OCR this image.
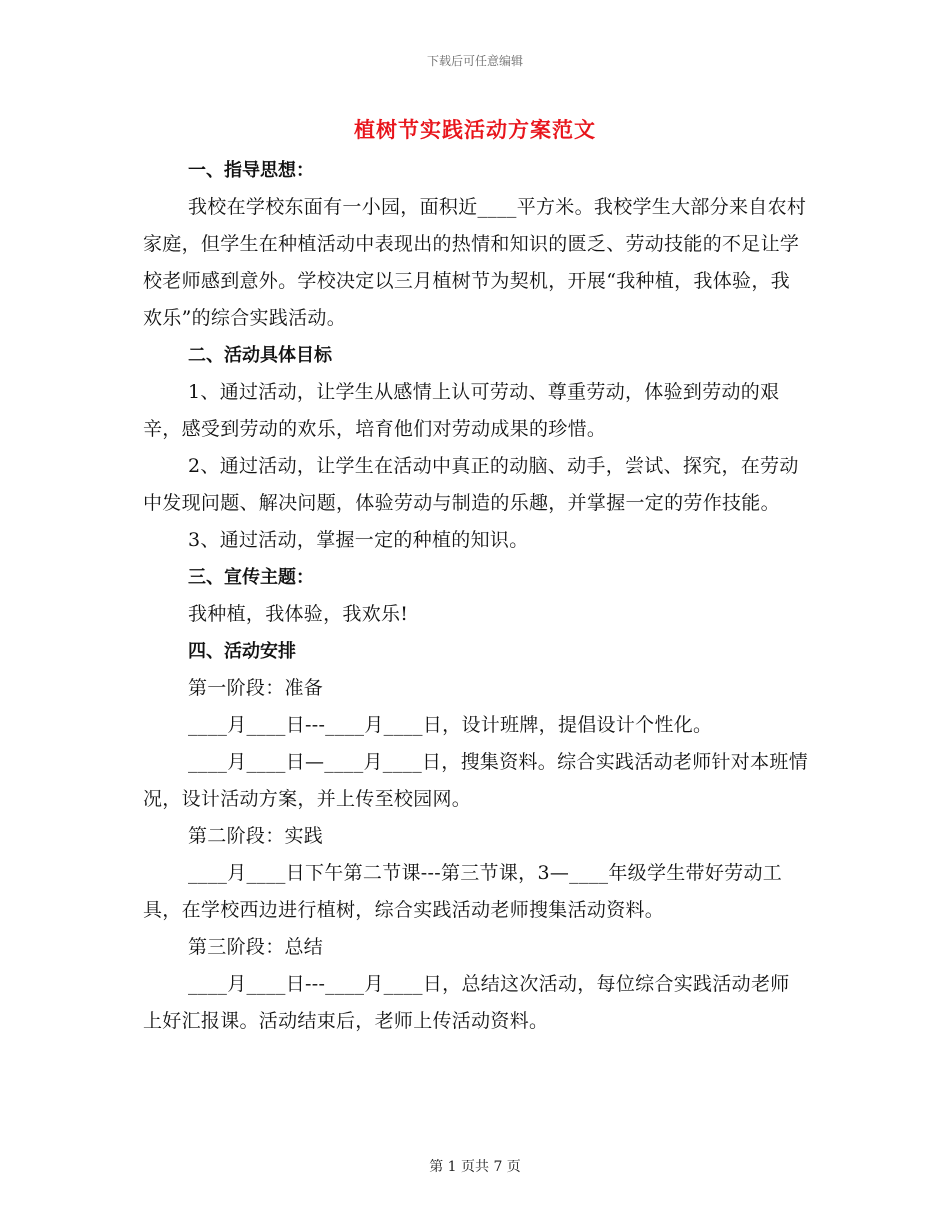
下载后可任意编辑
植树节实践活动方案范文
一、指导思想：
我校在学校东面有一小园，面积近____平方米。我校学生大部分来自农村家庭，但学生在种植活动中表现出的热情和知识的匮乏、劳动技能的不足让学校老师感到意外。学校决定以三月植树节为契机，开展“我种植，我体验，我欢乐”的综合实践活动。
二、活动具体目标
1、通过活动，让学生从感情上认可劳动、尊重劳动，体验到劳动的艰辛，感受到劳动的欢乐，培育他们对劳动成果的珍惜。
2、通过活动，让学生在活动中真正的动脑、动手，尝试、探究，在劳动中发现问题、解决问题，体验劳动与制造的乐趣，并掌握一定的劳作技能。
3、通过活动，掌握一定的种植的知识。
三、宣传主题：
我种植，我体验，我欢乐!
四、活动安排
第一阶段：准备
____月____日---____月____日，设计班牌，提倡设计个性化。
____月____日—____月____日，搜集资料。综合实践活动老师针对本班情况，设计活动方案，并上传至校园网。
第二阶段：实践
____月____日下午第二节课---第三节课，3—____年级学生带好劳动工具，在学校西边进行植树，综合实践活动老师搜集活动资料。
第三阶段：总结
____月____日---____月____日，总结这次活动，每位综合实践活动老师上好汇报课。活动结束后，老师上传活动资料。
第 1 页共 7 页
